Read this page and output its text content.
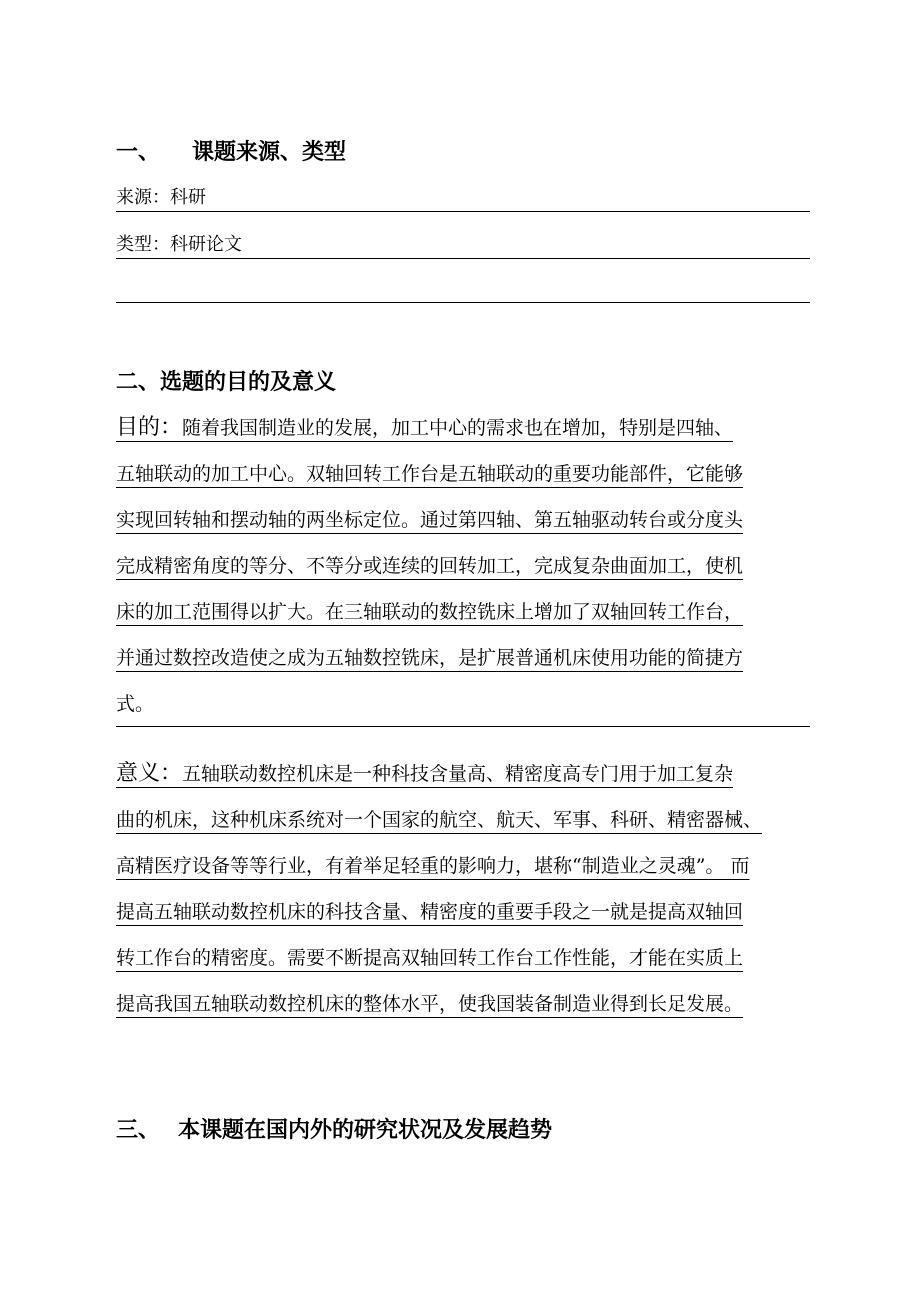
一、 课题来源、类型
来源：科研
类型：科研论文
二、选题的目的及意义
目的：随着我国制造业的发展，加工中心的需求也在增加，特别是四轴、
五轴联动的加工中心。双轴回转工作台是五轴联动的重要功能部件，它能够
实现回转轴和摆动轴的两坐标定位。通过第四轴、第五轴驱动转台或分度头
完成精密角度的等分、不等分或连续的回转加工，完成复杂曲面加工，使机
床的加工范围得以扩大。在三轴联动的数控铣床上增加了双轴回转工作台，
并通过数控改造使之成为五轴数控铣床，是扩展普通机床使用功能的简捷方
式。
意义：五轴联动数控机床是一种科技含量高、精密度高专门用于加工复杂
曲的机床，这种机床系统对一个国家的航空、航天、军事、科研、精密器械、
高精医疗设备等等行业，有着举足轻重的影响力，堪称“制造业之灵魂”。 而
提高五轴联动数控机床的科技含量、精密度的重要手段之一就是提高双轴回
转工作台的精密度。需要不断提高双轴回转工作台工作性能，才能在实质上
提高我国五轴联动数控机床的整体水平，使我国装备制造业得到长足发展。
三、 本课题在国内外的研究状况及发展趋势
